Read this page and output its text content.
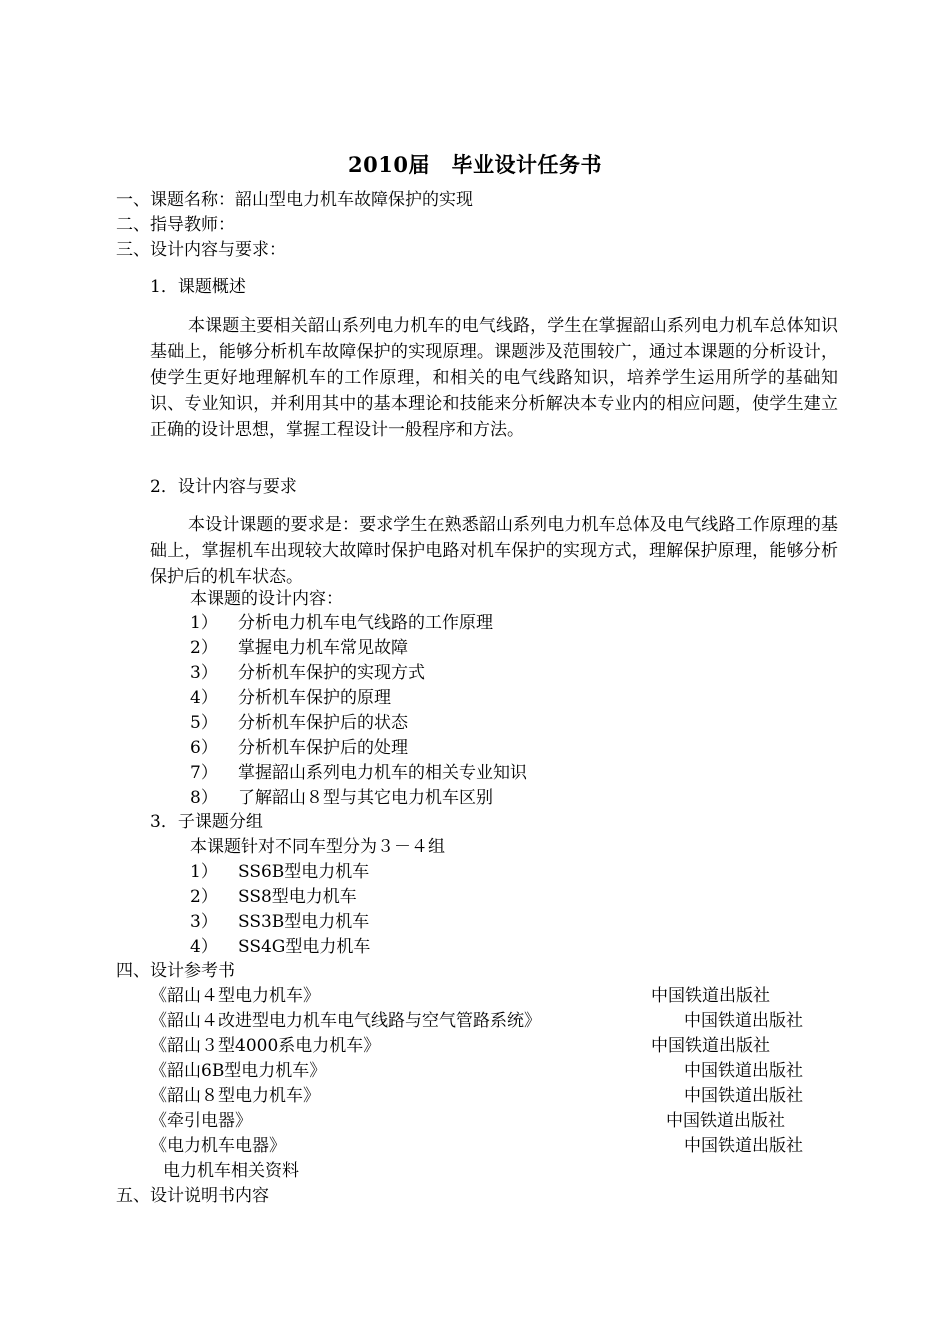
2010届　毕业设计任务书
一、课题名称：韶山型电力机车故障保护的实现
二、指导教师：
三、设计内容与要求：
1．课题概述
本课题主要相关韶山系列电力机车的电气线路，学生在掌握韶山系列电力机车总体知识基础上，能够分析机车故障保护的实现原理。课题涉及范围较广，通过本课题的分析设计，使学生更好地理解机车的工作原理，和相关的电气线路知识，培养学生运用所学的基础知识、专业知识，并利用其中的基本理论和技能来分析解决本专业内的相应问题，使学生建立正确的设计思想，掌握工程设计一般程序和方法。
2．设计内容与要求
本设计课题的要求是：要求学生在熟悉韶山系列电力机车总体及电气线路工作原理的基础上，掌握机车出现较大故障时保护电路对机车保护的实现方式，理解保护原理，能够分析保护后的机车状态。
本课题的设计内容：
1） 分析电力机车电气线路的工作原理
2） 掌握电力机车常见故障
3） 分析机车保护的实现方式
4） 分析机车保护的原理
5） 分析机车保护后的状态
6） 分析机车保护后的处理
7） 掌握韶山系列电力机车的相关专业知识
8） 了解韶山８型与其它电力机车区别
3．子课题分组
本课题针对不同车型分为３－４组
1） SS6B型电力机车
2） SS8型电力机车
3） SS3B型电力机车
4） SS4G型电力机车
四、设计参考书
《韶山４型电力机车》	中国铁道出版社
《韶山４改进型电力机车电气线路与空气管路系统》	中国铁道出版社
《韶山３型4000系电力机车》	中国铁道出版社
《韶山6B型电力机车》	中国铁道出版社
《韶山８型电力机车》	中国铁道出版社
《牵引电器》	中国铁道出版社
《电力机车电器》	中国铁道出版社
电力机车相关资料
五、设计说明书内容
